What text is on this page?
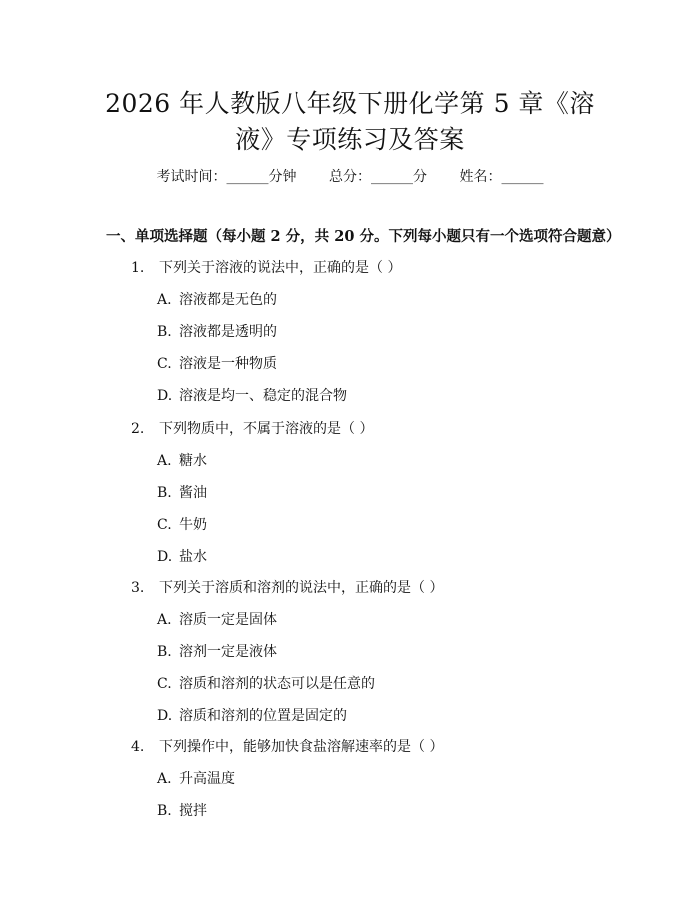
2026 年人教版八年级下册化学第 5 章《溶
液》专项练习及答案
考试时间：______分钟 总分：______分 姓名：______
一、单项选择题（每小题 2 分，共 20 分。下列每小题只有一个选项符合题意）
1. 下列关于溶液的说法中，正确的是（ ）
A. 溶液都是无色的
B. 溶液都是透明的
C. 溶液是一种物质
D. 溶液是均一、稳定的混合物
2. 下列物质中，不属于溶液的是（ ）
A. 糖水
B. 酱油
C. 牛奶
D. 盐水
3. 下列关于溶质和溶剂的说法中，正确的是（ ）
A. 溶质一定是固体
B. 溶剂一定是液体
C. 溶质和溶剂的状态可以是任意的
D. 溶质和溶剂的位置是固定的
4. 下列操作中，能够加快食盐溶解速率的是（ ）
A. 升高温度
B. 搅拌
